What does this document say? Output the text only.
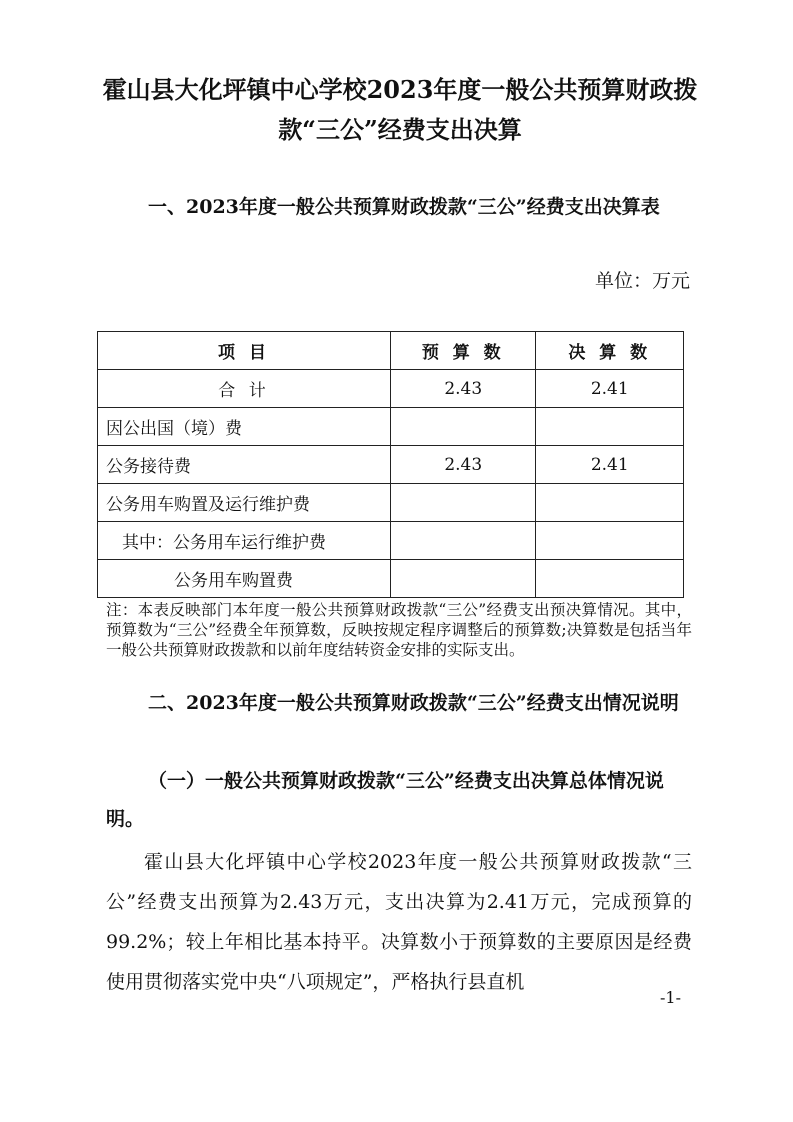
霍山县大化坪镇中心学校2023年度一般公共预算财政拨
款“三公”经费支出决算
一、2023年度一般公共预算财政拨款“三公”经费支出决算表
单位：万元
项 目	预 算 数	决 算 数
合 计	2.43	2.41
因公出国（境）费		
公务接待费	2.43	2.41
公务用车购置及运行维护费		
其中：公务用车运行维护费		
公务用车购置费		
注：本表反映部门本年度一般公共预算财政拨款“三公”经费支出预决算情况。其中，预算数为“三公”经费全年预算数，反映按规定程序调整后的预算数;决算数是包括当年一般公共预算财政拨款和以前年度结转资金安排的实际支出。
二、2023年度一般公共预算财政拨款“三公”经费支出情况说明
（一）一般公共预算财政拨款“三公”经费支出决算总体情况说明。
霍山县大化坪镇中心学校2023年度一般公共预算财政拨款“三公”经费支出预算为2.43万元，支出决算为2.41万元，完成预算的99.2%；较上年相比基本持平。决算数小于预算数的主要原因是经费使用贯彻落实党中央“八项规定”，严格执行县直机
-1-
